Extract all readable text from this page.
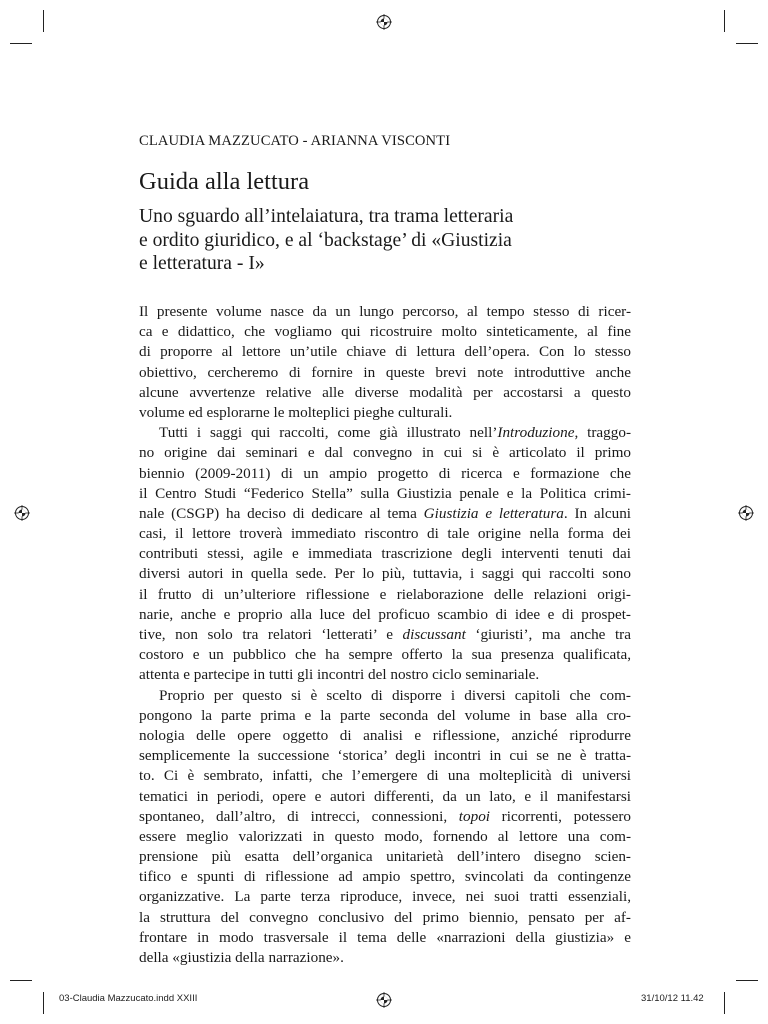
CLAUDIA MAZZUCATO - ARIANNA VISCONTI
Guida alla lettura
Uno sguardo all’intelaiatura, tra trama letteraria
e ordito giuridico, e al ‘backstage’ di «Giustizia
e letteratura - I»
Il presente volume nasce da un lungo percorso, al tempo stesso di ricer-
ca e didattico, che vogliamo qui ricostruire molto sinteticamente, al fine
di proporre al lettore un’utile chiave di lettura dell’opera. Con lo stesso
obiettivo, cercheremo di fornire in queste brevi note introduttive anche
alcune avvertenze relative alle diverse modalità per accostarsi a questo
volume ed esplorarne le molteplici pieghe culturali.
Tutti i saggi qui raccolti, come già illustrato nell’Introduzione, traggo-
no origine dai seminari e dal convegno in cui si è articolato il primo
biennio (2009-2011) di un ampio progetto di ricerca e formazione che
il Centro Studi “Federico Stella” sulla Giustizia penale e la Politica crimi-
nale (CSGP) ha deciso di dedicare al tema Giustizia e letteratura. In alcuni
casi, il lettore troverà immediato riscontro di tale origine nella forma dei
contributi stessi, agile e immediata trascrizione degli interventi tenuti dai
diversi autori in quella sede. Per lo più, tuttavia, i saggi qui raccolti sono
il frutto di un’ulteriore riflessione e rielaborazione delle relazioni origi-
narie, anche e proprio alla luce del proficuo scambio di idee e di prospet-
tive, non solo tra relatori ‘letterati’ e discussant ‘giuristi’, ma anche tra
costoro e un pubblico che ha sempre offerto la sua presenza qualificata,
attenta e partecipe in tutti gli incontri del nostro ciclo seminariale.
Proprio per questo si è scelto di disporre i diversi capitoli che com-
pongono la parte prima e la parte seconda del volume in base alla cro-
nologia delle opere oggetto di analisi e riflessione, anziché riprodurre
semplicemente la successione ‘storica’ degli incontri in cui se ne è tratta-
to. Ci è sembrato, infatti, che l’emergere di una molteplicità di universi
tematici in periodi, opere e autori differenti, da un lato, e il manifestarsi
spontaneo, dall’altro, di intrecci, connessioni, topoi ricorrenti, potessero
essere meglio valorizzati in questo modo, fornendo al lettore una com-
prensione più esatta dell’organica unitarietà dell’intero disegno scien-
tifico e spunti di riflessione ad ampio spettro, svincolati da contingenze
organizzative. La parte terza riproduce, invece, nei suoi tratti essenziali,
la struttura del convegno conclusivo del primo biennio, pensato per af-
frontare in modo trasversale il tema delle «narrazioni della giustizia» e
della «giustizia della narrazione».
03-Claudia Mazzucato.indd XXIII	31/10/12 11.42
